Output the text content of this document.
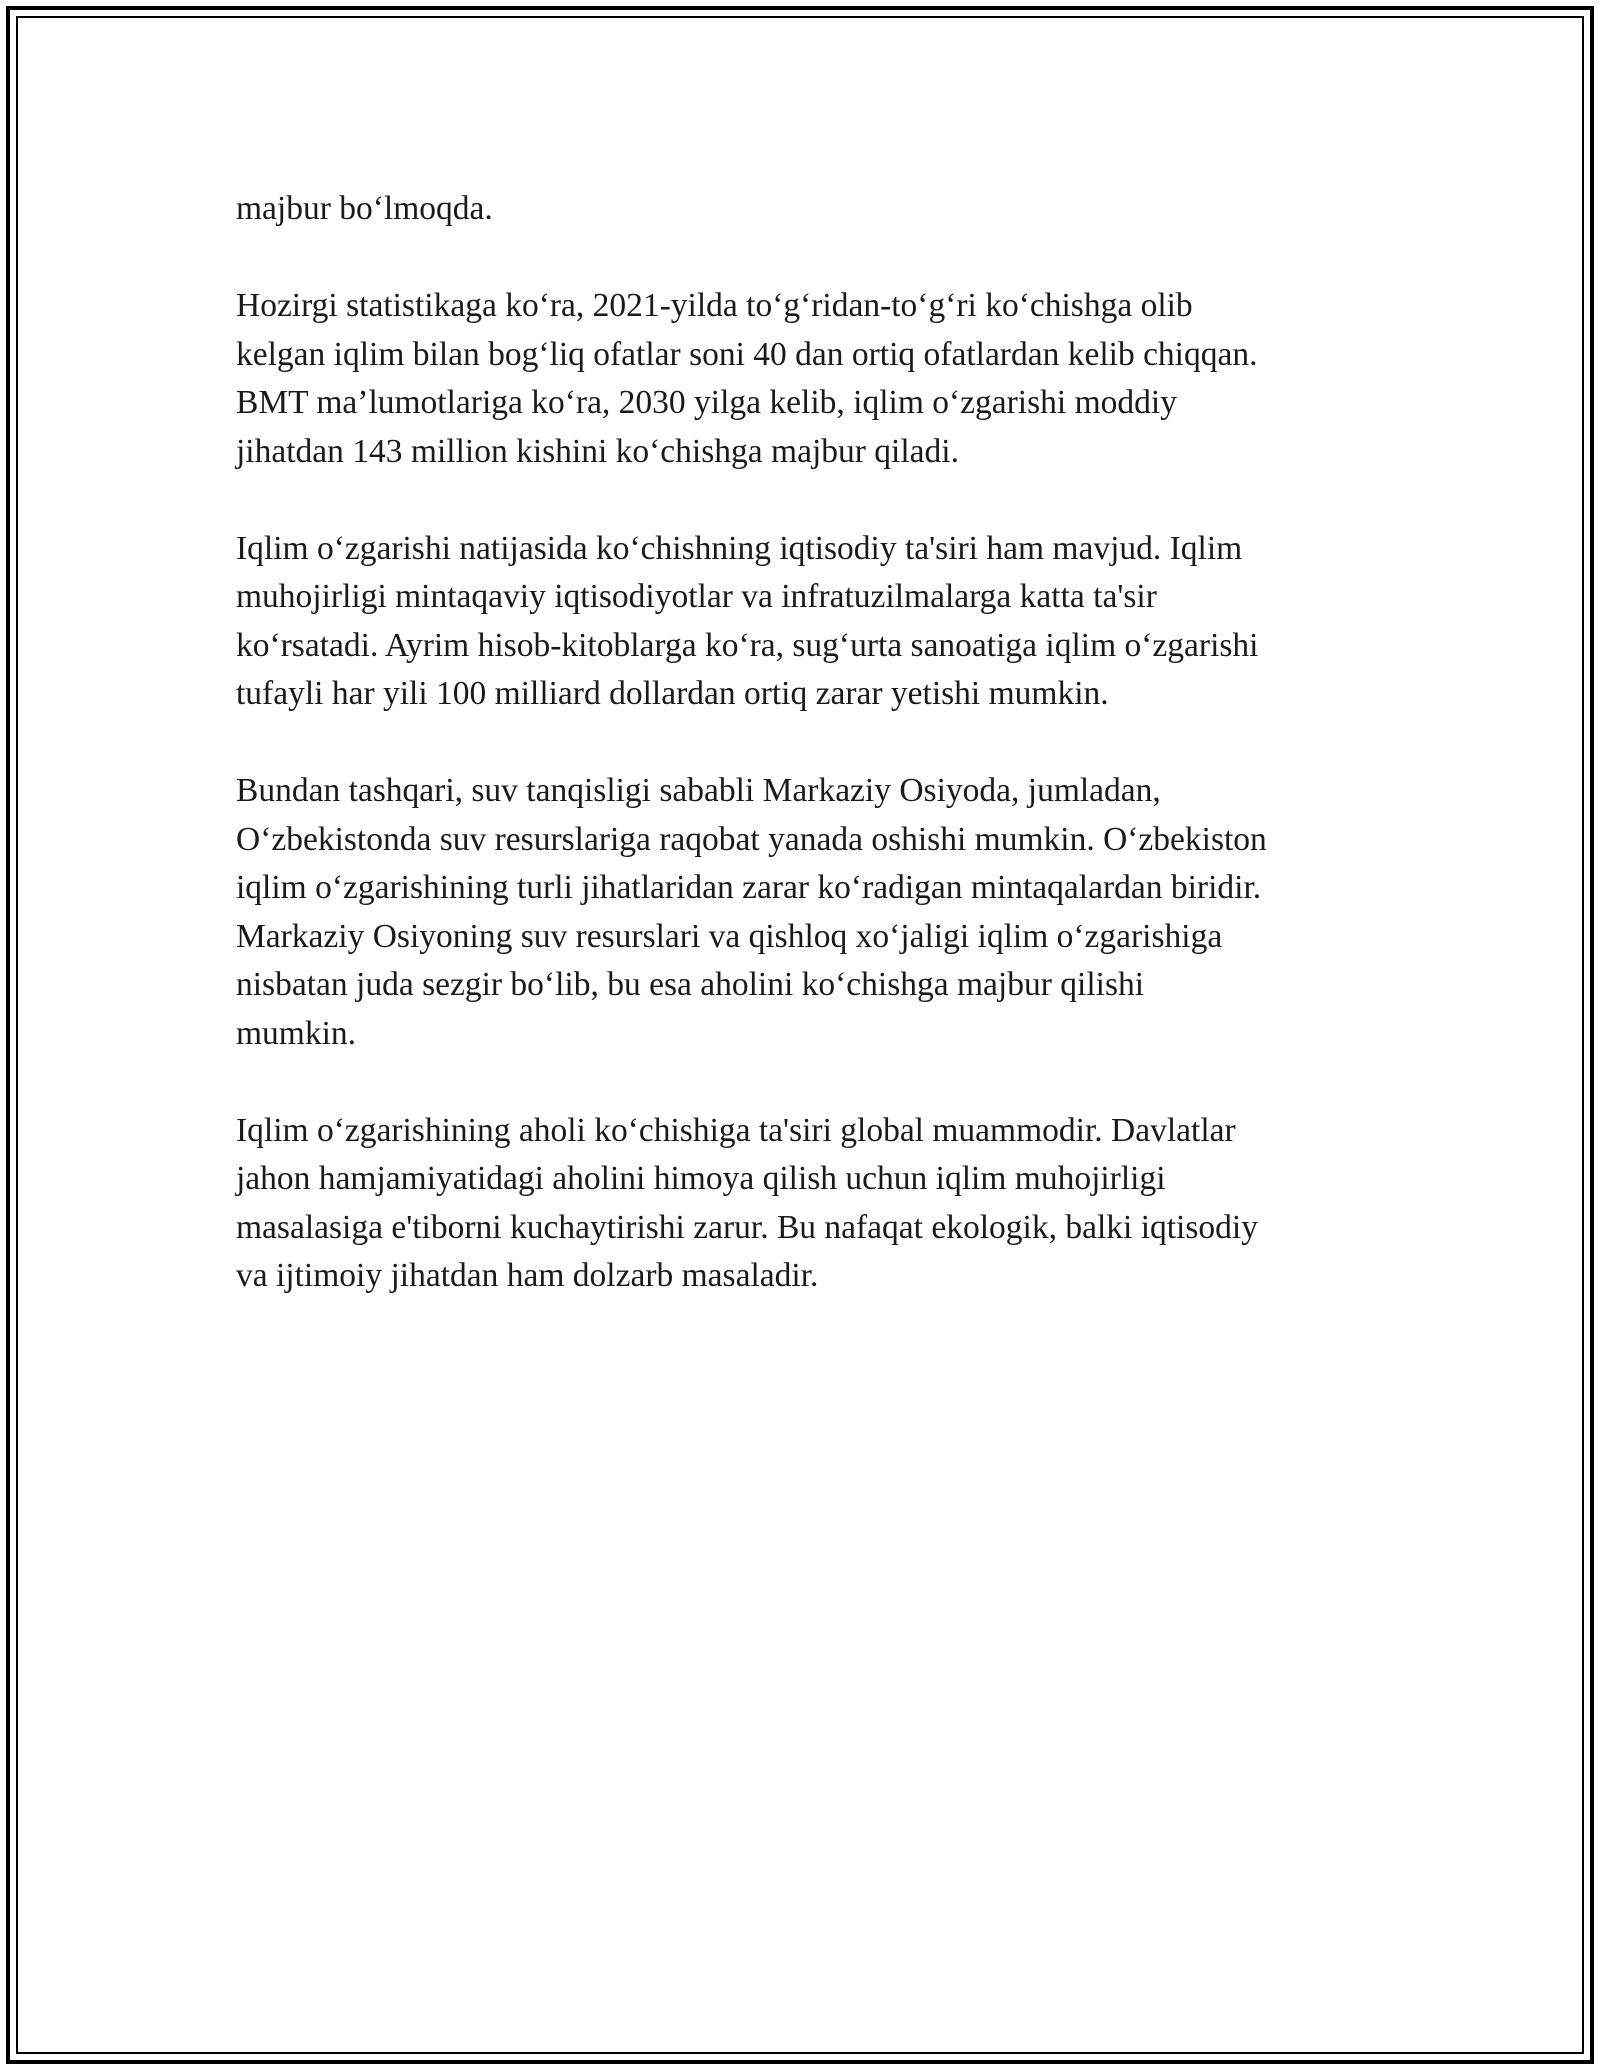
majbur bo‘lmoqda.

Hozirgi statistikaga ko‘ra, 2021-yilda to‘g‘ridan-to‘g‘ri ko‘chishga olib
kelgan iqlim bilan bog‘liq ofatlar soni 40 dan ortiq ofatlardan kelib chiqqan.
BMT ma’lumotlariga ko‘ra, 2030 yilga kelib, iqlim o‘zgarishi moddiy
jihatdan 143 million kishini ko‘chishga majbur qiladi.

Iqlim o‘zgarishi natijasida ko‘chishning iqtisodiy ta'siri ham mavjud. Iqlim
muhojirligi mintaqaviy iqtisodiyotlar va infratuzilmalarga katta ta'sir
ko‘rsatadi. Ayrim hisob-kitoblarga ko‘ra, sug‘urta sanoatiga iqlim o‘zgarishi
tufayli har yili 100 milliard dollardan ortiq zarar yetishi mumkin.

Bundan tashqari, suv tanqisligi sababli Markaziy Osiyoda, jumladan,
O‘zbekistonda suv resurslariga raqobat yanada oshishi mumkin. O‘zbekiston
iqlim o‘zgarishining turli jihatlaridan zarar ko‘radigan mintaqalardan biridir.
Markaziy Osiyoning suv resurslari va qishloq xo‘jaligi iqlim o‘zgarishiga
nisbatan juda sezgir bo‘lib, bu esa aholini ko‘chishga majbur qilishi
mumkin.

Iqlim o‘zgarishining aholi ko‘chishiga ta'siri global muammodir. Davlatlar
jahon hamjamiyatidagi aholini himoya qilish uchun iqlim muhojirligi
masalasiga e'tiborni kuchaytirishi zarur. Bu nafaqat ekologik, balki iqtisodiy
va ijtimoiy jihatdan ham dolzarb masaladir.
